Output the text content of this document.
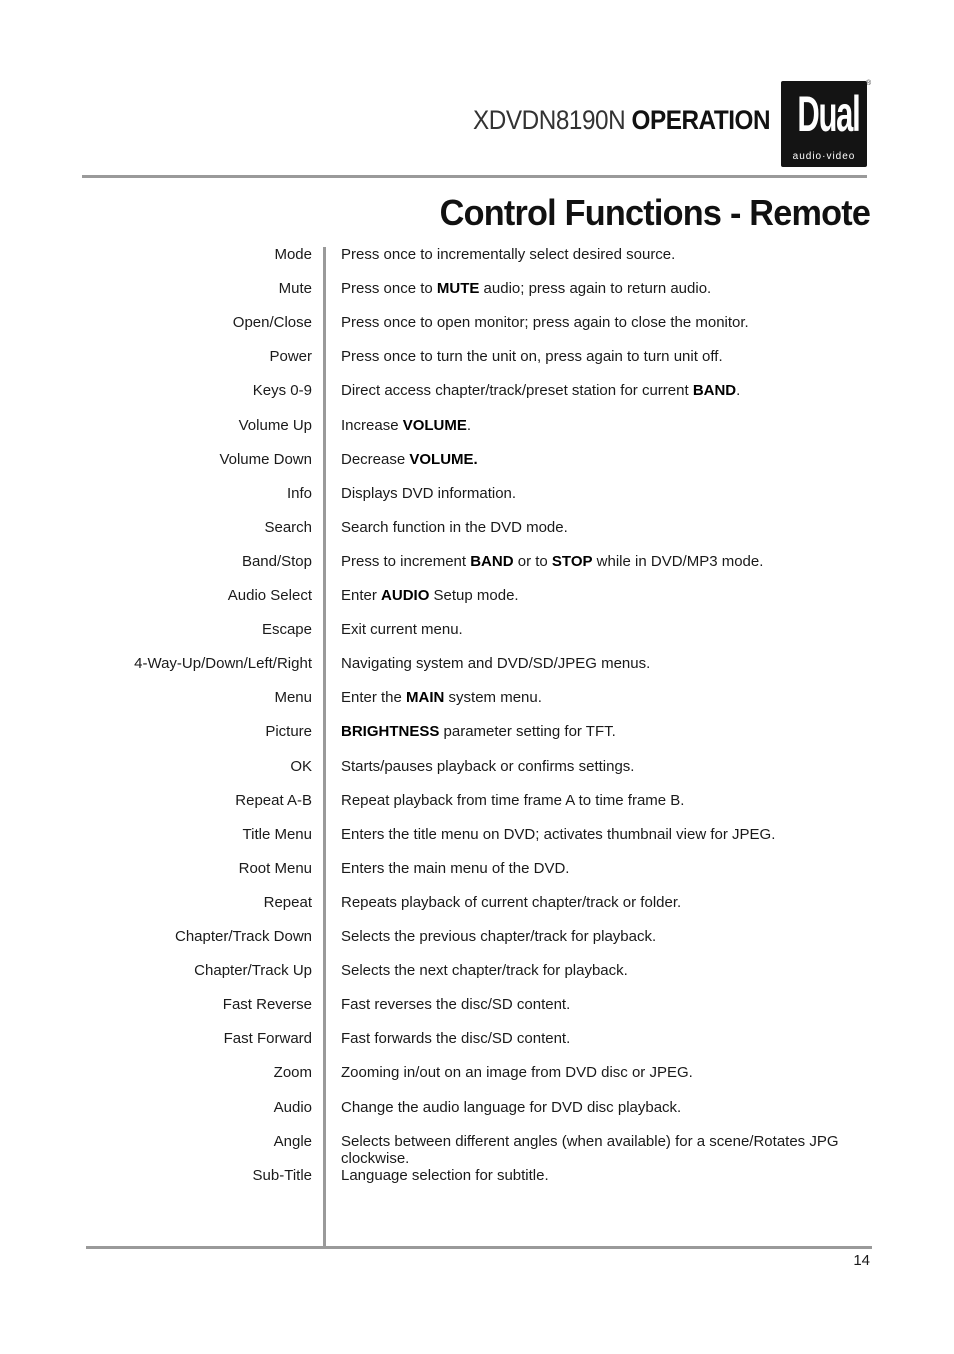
XDVDN8190N OPERATION Dual
audio·video
®
Control Functions - Remote
Mode Press once to incrementally select desired source.
Mute Press once to MUTE audio; press again to return audio.
Open/Close Press once to open monitor; press again to close the monitor.
Power Press once to turn the unit on, press again to turn unit off.
Keys 0-9 Direct access chapter/track/preset station for current BAND.
Volume Up Increase VOLUME.
Volume Down Decrease VOLUME.
Info Displays DVD information.
Search Search function in the DVD mode.
Band/Stop Press to increment BAND or to STOP while in DVD/MP3 mode.
Audio Select Enter AUDIO Setup mode.
Escape Exit current menu.
4-Way-Up/Down/Left/Right Navigating system and DVD/SD/JPEG menus.
Menu Enter the MAIN system menu.
Picture BRIGHTNESS parameter setting for TFT.
OK Starts/pauses playback or confirms settings.
Repeat A-B Repeat playback from time frame A to time frame B.
Title Menu Enters the title menu on DVD; activates thumbnail view for JPEG.
Root Menu Enters the main menu of the DVD.
Repeat Repeats playback of current chapter/track or folder.
Chapter/Track Down Selects the previous chapter/track for playback.
Chapter/Track Up Selects the next chapter/track for playback.
Fast Reverse Fast reverses the disc/SD content.
Fast Forward Fast forwards the disc/SD content.
Zoom Zooming in/out on an image from DVD disc or JPEG.
Audio Change the audio language for DVD disc playback.
Angle Selects between different angles (when available) for a scene/Rotates JPG clockwise.
Sub-Title Language selection for subtitle.
14
